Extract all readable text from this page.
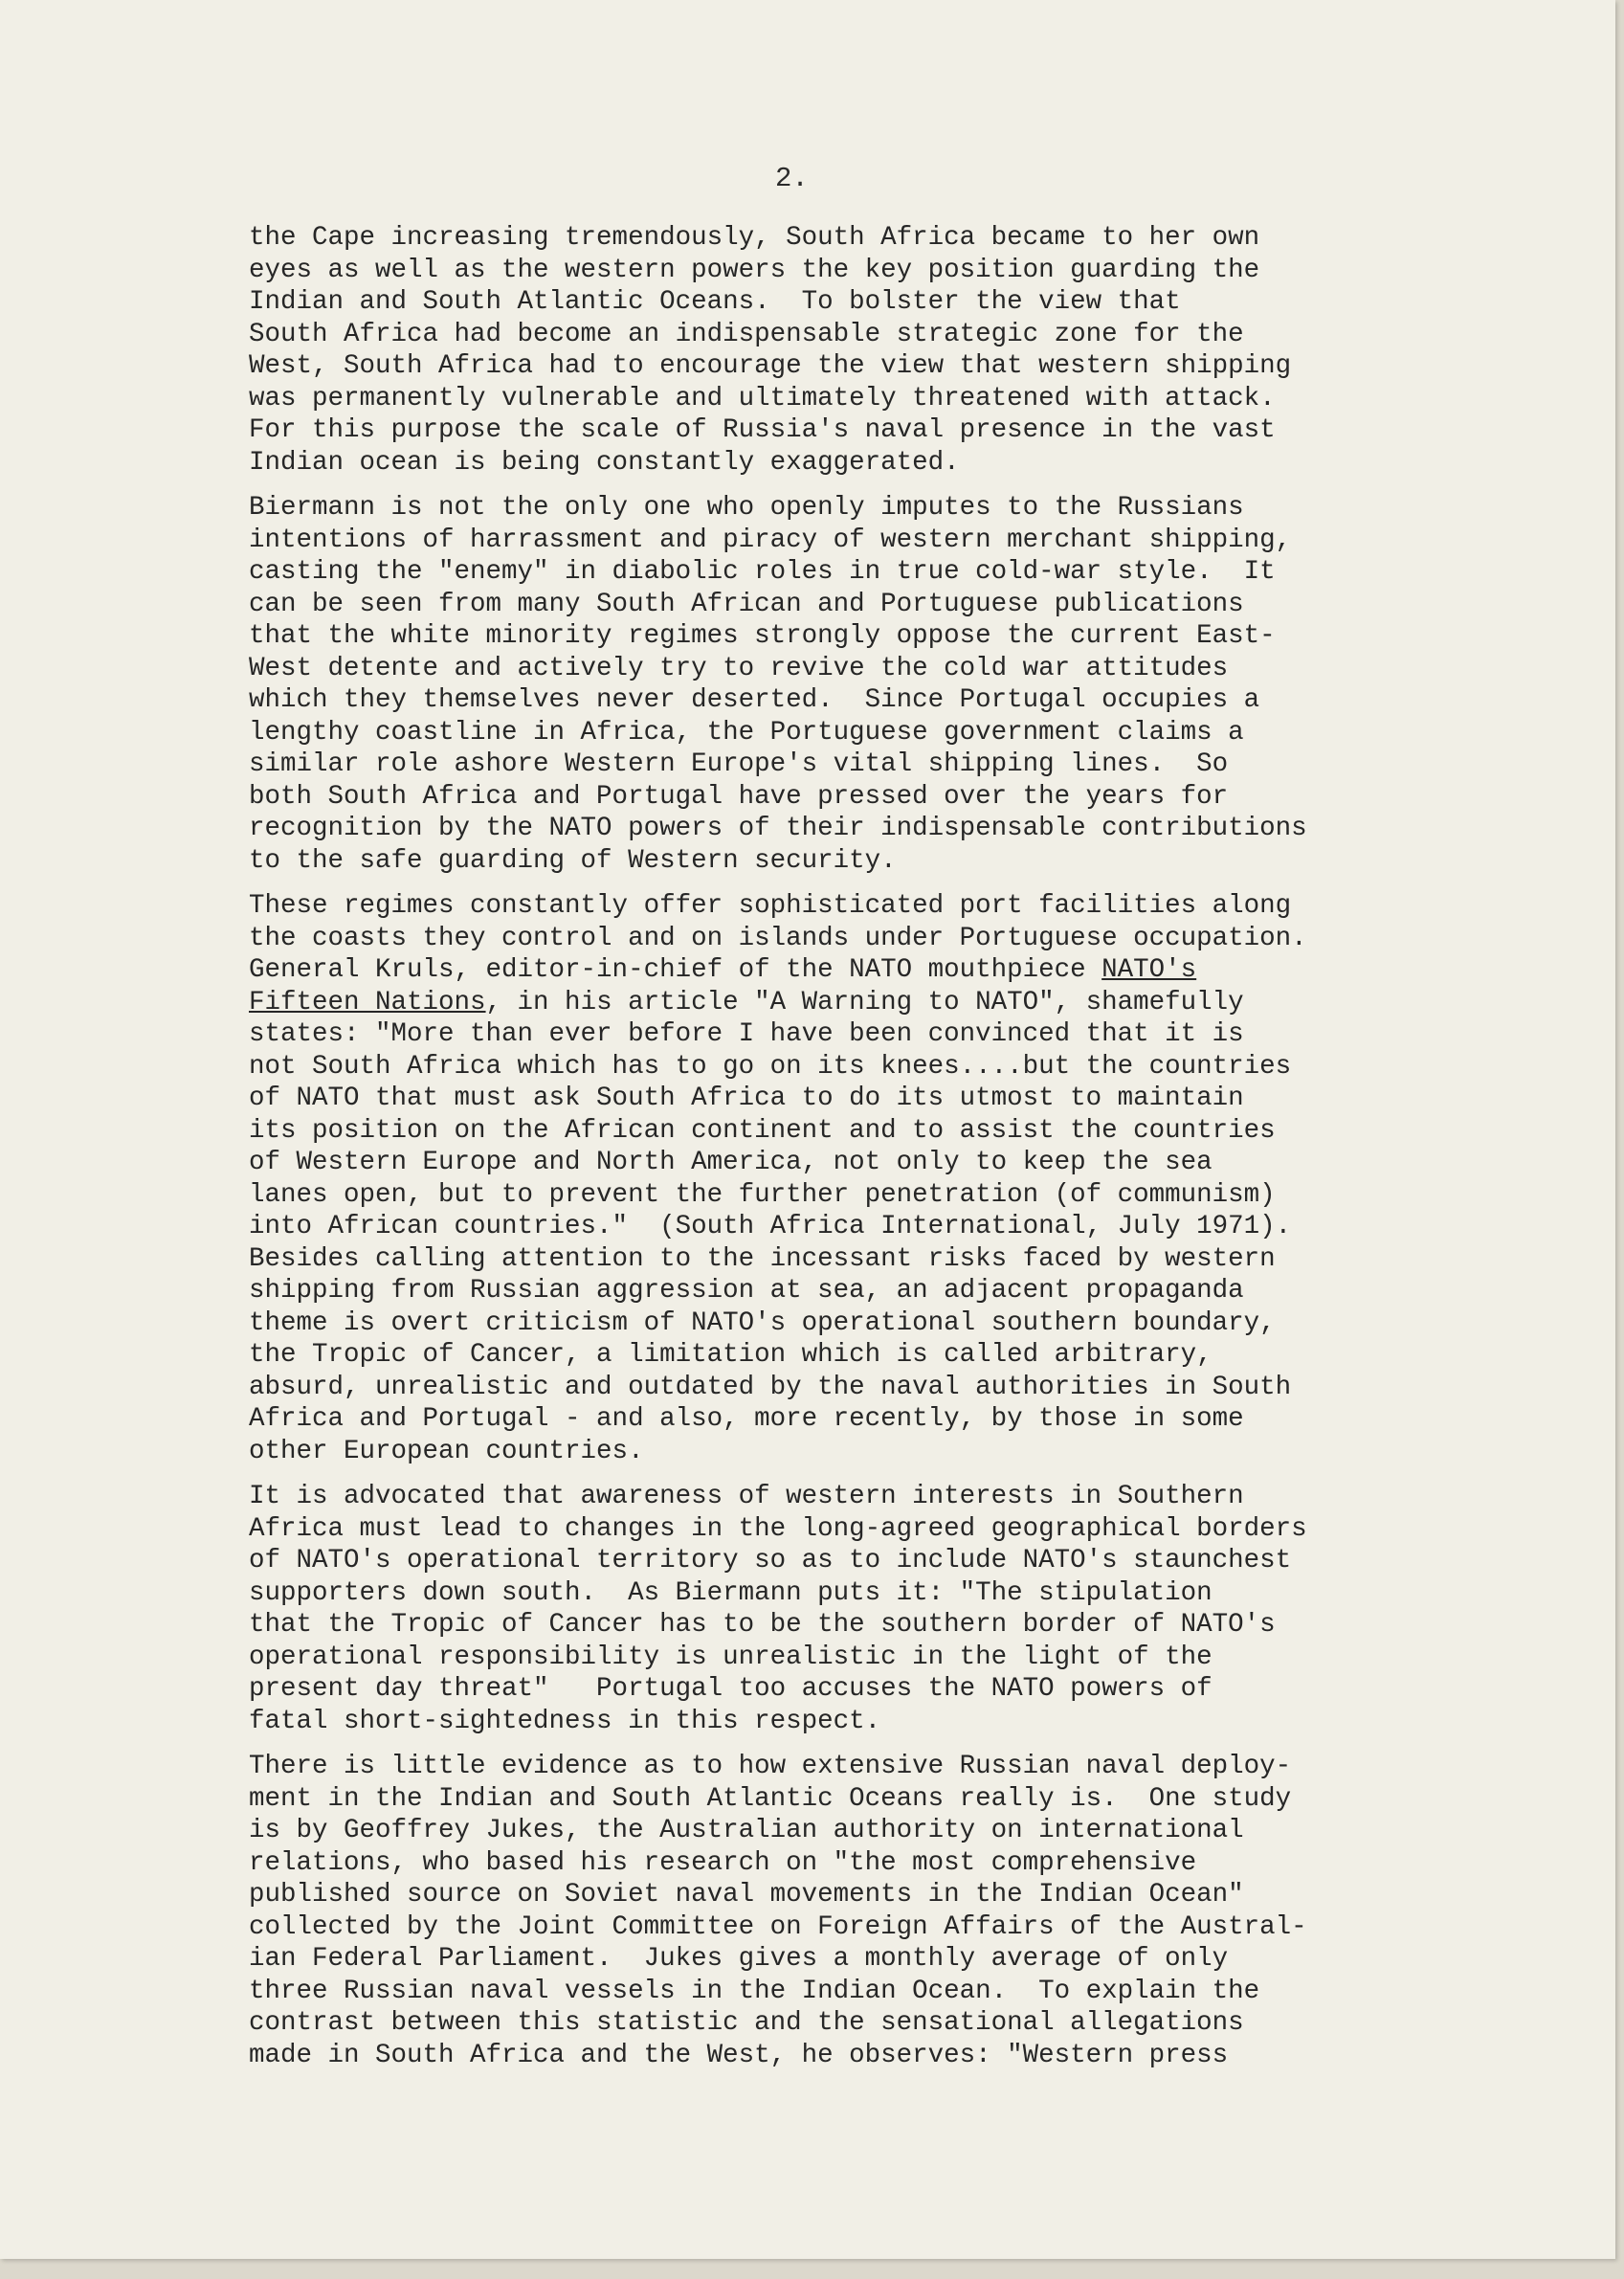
2.
the Cape increasing tremendously, South Africa became to her own
eyes as well as the western powers the key position guarding the
Indian and South Atlantic Oceans.  To bolster the view that
South Africa had become an indispensable strategic zone for the
West, South Africa had to encourage the view that western shipping
was permanently vulnerable and ultimately threatened with attack.
For this purpose the scale of Russia's naval presence in the vast
Indian ocean is being constantly exaggerated.
Biermann is not the only one who openly imputes to the Russians
intentions of harrassment and piracy of western merchant shipping,
casting the "enemy" in diabolic roles in true cold-war style.  It
can be seen from many South African and Portuguese publications
that the white minority regimes strongly oppose the current East-
West detente and actively try to revive the cold war attitudes
which they themselves never deserted.  Since Portugal occupies a
lengthy coastline in Africa, the Portuguese government claims a
similar role ashore Western Europe's vital shipping lines.  So
both South Africa and Portugal have pressed over the years for
recognition by the NATO powers of their indispensable contributions
to the safe guarding of Western security.
These regimes constantly offer sophisticated port facilities along
the coasts they control and on islands under Portuguese occupation.
General Kruls, editor-in-chief of the NATO mouthpiece NATO's
Fifteen Nations, in his article "A Warning to NATO", shamefully
states: "More than ever before I have been convinced that it is
not South Africa which has to go on its knees....but the countries
of NATO that must ask South Africa to do its utmost to maintain
its position on the African continent and to assist the countries
of Western Europe and North America, not only to keep the sea
lanes open, but to prevent the further penetration (of communism)
into African countries."  (South Africa International, July 1971).
Besides calling attention to the incessant risks faced by western
shipping from Russian aggression at sea, an adjacent propaganda
theme is overt criticism of NATO's operational southern boundary,
the Tropic of Cancer, a limitation which is called arbitrary,
absurd, unrealistic and outdated by the naval authorities in South
Africa and Portugal - and also, more recently, by those in some
other European countries.
It is advocated that awareness of western interests in Southern
Africa must lead to changes in the long-agreed geographical borders
of NATO's operational territory so as to include NATO's staunchest
supporters down south.  As Biermann puts it: "The stipulation
that the Tropic of Cancer has to be the southern border of NATO's
operational responsibility is unrealistic in the light of the
present day threat"   Portugal too accuses the NATO powers of
fatal short-sightedness in this respect.
There is little evidence as to how extensive Russian naval deploy-
ment in the Indian and South Atlantic Oceans really is.  One study
is by Geoffrey Jukes, the Australian authority on international
relations, who based his research on "the most comprehensive
published source on Soviet naval movements in the Indian Ocean"
collected by the Joint Committee on Foreign Affairs of the Austral-
ian Federal Parliament.  Jukes gives a monthly average of only
three Russian naval vessels in the Indian Ocean.  To explain the
contrast between this statistic and the sensational allegations
made in South Africa and the West, he observes: "Western press
